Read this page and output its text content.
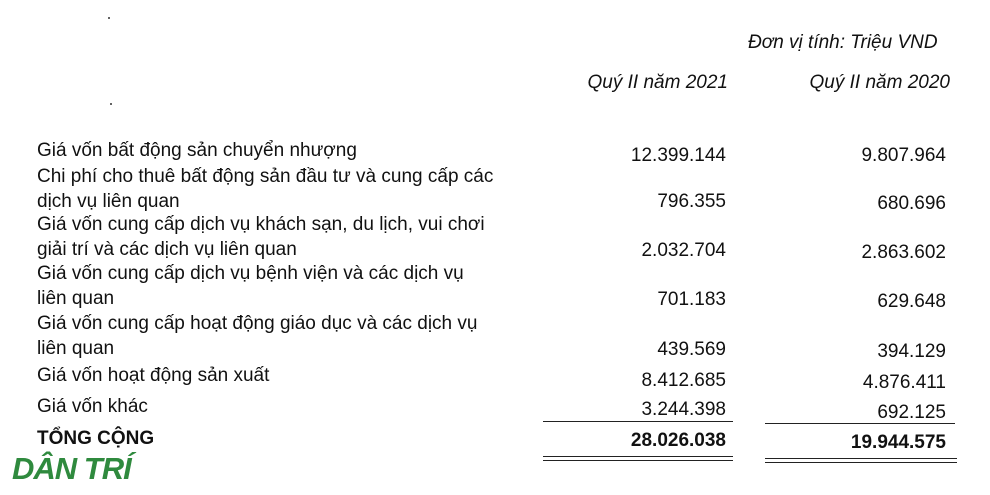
Đơn vị tính: Triệu VND
Quý II năm 2021	Quý II năm 2020
Giá vốn bất động sản chuyển nhượng	12.399.144	9.807.964
Chi phí cho thuê bất động sản đầu tư và cung cấp các
dịch vụ liên quan	796.355	680.696
Giá vốn cung cấp dịch vụ khách sạn, du lịch, vui chơi
giải trí và các dịch vụ liên quan	2.032.704	2.863.602
Giá vốn cung cấp dịch vụ bệnh viện và các dịch vụ
liên quan	701.183	629.648
Giá vốn cung cấp hoạt động giáo dục và các dịch vụ
liên quan	439.569	394.129
Giá vốn hoạt động sản xuất	8.412.685	4.876.411
Giá vốn khác	3.244.398	692.125
TỔNG CỘNG	28.026.038	19.944.575
DÂN TRÍ
